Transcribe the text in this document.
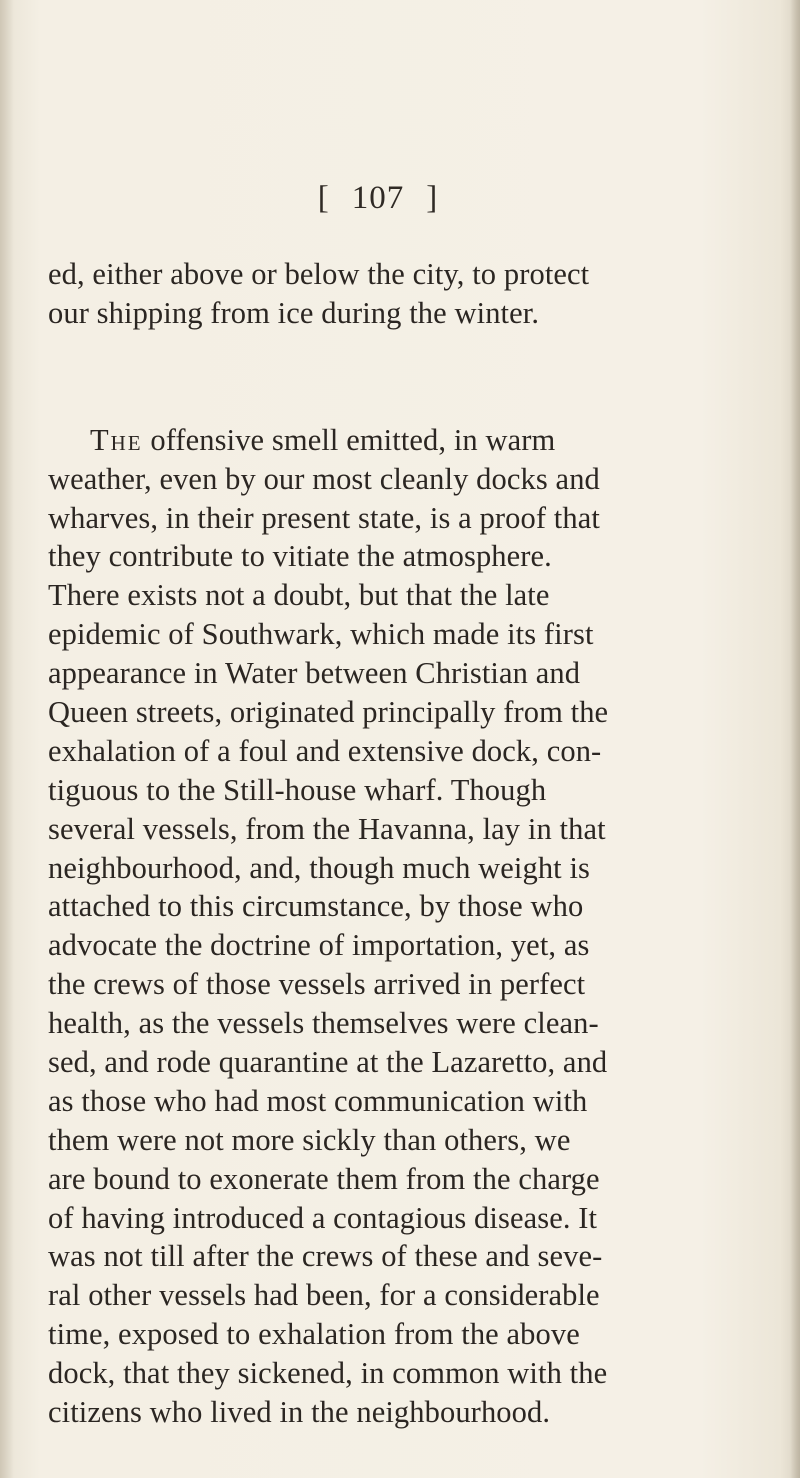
[ 107 ]
ed, either above or below the city, to protect
our shipping from ice during the winter.
The offensive smell emitted, in warm
weather, even by our most cleanly docks and
wharves, in their present state, is a proof that
they contribute to vitiate the atmosphere.
There exists not a doubt, but that the late
epidemic of Southwark, which made its first
appearance in Water between Christian and
Queen streets, originated principally from the
exhalation of a foul and extensive dock, con-
tiguous to the Still-house wharf. Though
several vessels, from the Havanna, lay in that
neighbourhood, and, though much weight is
attached to this circumstance, by those who
advocate the doctrine of importation, yet, as
the crews of those vessels arrived in perfect
health, as the vessels themselves were clean-
sed, and rode quarantine at the Lazaretto, and
as those who had most communication with
them were not more sickly than others, we
are bound to exonerate them from the charge
of having introduced a contagious disease. It
was not till after the crews of these and seve-
ral other vessels had been, for a considerable
time, exposed to exhalation from the above
dock, that they sickened, in common with the
citizens who lived in the neighbourhood.
